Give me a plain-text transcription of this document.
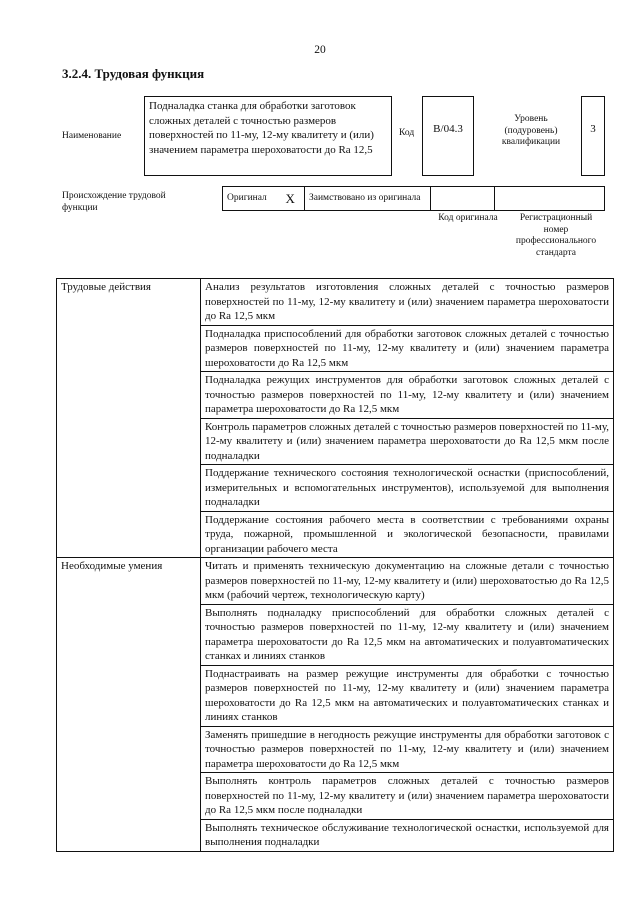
20
3.2.4. Трудовая функция
Наименование
Подналадка станка для обработки заготовок сложных деталей с точностью размеров поверхностей по 11-му, 12-му квалитету и (или) значением параметра шероховатости до Ra 12,5
Код	В/04.3
Уровень (подуровень) квалификации
3
Происхождение трудовой функции
Оригинал	X	Заимствовано из оригинала		
Код оригинала	Регистрационный номер профессионального стандарта
Трудовые действия	Анализ результатов изготовления сложных деталей с точностью размеров поверхностей по 11-му, 12-му квалитету и (или) значением параметра шероховатости до Ra 12,5 мкм
	Подналадка приспособлений для обработки заготовок сложных деталей с точностью размеров поверхностей по 11-му, 12-му квалитету и (или) значением параметра шероховатости до Ra 12,5 мкм
	Подналадка режущих инструментов для обработки заготовок сложных деталей с точностью размеров поверхностей по 11-му, 12-му квалитету и (или) значением параметра шероховатости до Ra 12,5 мкм
	Контроль параметров сложных деталей с точностью размеров поверхностей по 11-му, 12-му квалитету и (или) значением параметра шероховатости до Ra 12,5 мкм после подналадки
	Поддержание технического состояния технологической оснастки (приспособлений, измерительных и вспомогательных инструментов), используемой для выполнения подналадки
	Поддержание состояния рабочего места в соответствии с требованиями охраны труда, пожарной, промышленной и экологической безопасности, правилами организации рабочего места
Необходимые умения	Читать и применять техническую документацию на сложные детали с точностью размеров поверхностей по 11-му, 12-му квалитету и (или) шероховатостью до Ra 12,5 мкм (рабочий чертеж, технологическую карту)
	Выполнять подналадку приспособлений для обработки сложных деталей с точностью размеров поверхностей по 11-му, 12-му квалитету и (или) значением параметра шероховатости до Ra 12,5 мкм на автоматических и полуавтоматических станках и линиях станков
	Поднастраивать на размер режущие инструменты для обработки с точностью размеров поверхностей по 11-му, 12-му квалитету и (или) значением параметра шероховатости до Ra 12,5 мкм на автоматических и полуавтоматических станках и линиях станков
	Заменять пришедшие в негодность режущие инструменты для обработки заготовок с точностью размеров поверхностей по 11-му, 12-му квалитету и (или) значением параметра шероховатости до Ra 12,5 мкм
	Выполнять контроль параметров сложных деталей с точностью размеров поверхностей по 11-му, 12-му квалитету и (или) значением параметра шероховатости до Ra 12,5 мкм после подналадки
	Выполнять техническое обслуживание технологической оснастки, используемой для выполнения подналадки
